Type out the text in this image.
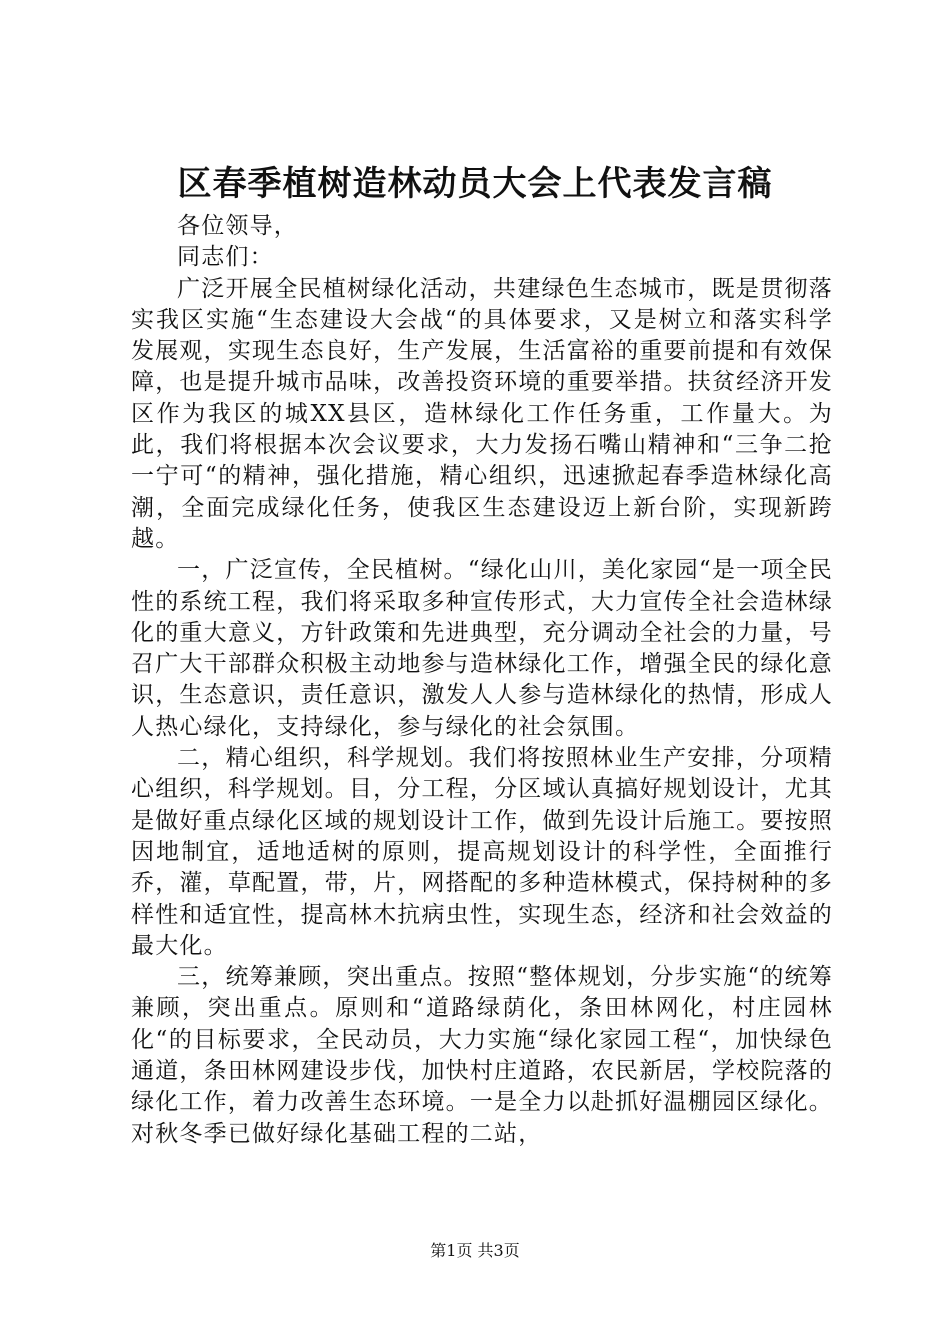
区春季植树造林动员大会上代表发言稿

各位领导，

同志们：

广泛开展全民植树绿化活动，共建绿色生态城市，既是贯彻落实我区实施“生态建设大会战“的具体要求，又是树立和落实科学发展观，实现生态良好，生产发展，生活富裕的重要前提和有效保障，也是提升城市品味，改善投资环境的重要举措。扶贫经济开发区作为我区的城XX县区，造林绿化工作任务重，工作量大。为此，我们将根据本次会议要求，大力发扬石嘴山精神和“三争二抢一宁可“的精神，强化措施，精心组织，迅速掀起春季造林绿化高潮，全面完成绿化任务，使我区生态建设迈上新台阶，实现新跨越。

一，广泛宣传，全民植树。“绿化山川，美化家园“是一项全民性的系统工程，我们将采取多种宣传形式，大力宣传全社会造林绿化的重大意义，方针政策和先进典型，充分调动全社会的力量，号召广大干部群众积极主动地参与造林绿化工作，增强全民的绿化意识，生态意识，责任意识，激发人人参与造林绿化的热情，形成人人热心绿化，支持绿化，参与绿化的社会氛围。

二，精心组织，科学规划。我们将按照林业生产安排，分项精心组织，科学规划。目，分工程，分区域认真搞好规划设计，尤其是做好重点绿化区域的规划设计工作，做到先设计后施工。要按照因地制宜，适地适树的原则，提高规划设计的科学性，全面推行乔，灌，草配置，带，片，网搭配的多种造林模式，保持树种的多样性和适宜性，提高林木抗病虫性，实现生态，经济和社会效益的最大化。

三，统筹兼顾，突出重点。按照“整体规划，分步实施“的统筹兼顾，突出重点。原则和“道路绿荫化，条田林网化，村庄园林化“的目标要求，全民动员，大力实施“绿化家园工程“，加快绿色通道，条田林网建设步伐，加快村庄道路，农民新居，学校院落的绿化工作，着力改善生态环境。一是全力以赴抓好温棚园区绿化。对秋冬季已做好绿化基础工程的二站，

第1页 共3页
